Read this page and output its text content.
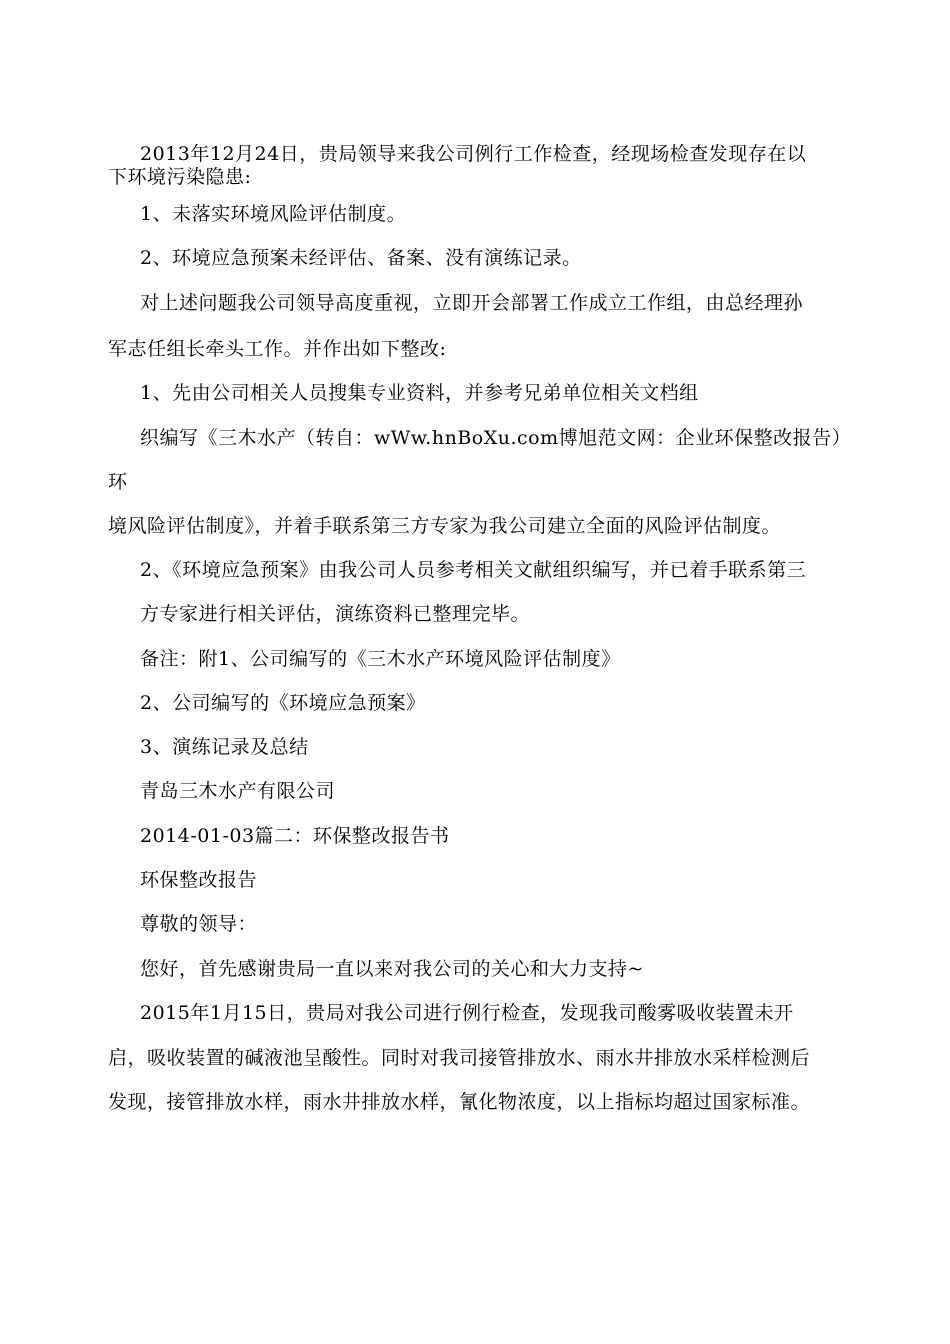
2013年12月24日，贵局领导来我公司例行工作检查，经现场检查发现存在以
下环境污染隐患:
1、未落实环境风险评估制度。
2、环境应急预案未经评估、备案、没有演练记录。
对上述问题我公司领导高度重视，立即开会部署工作成立工作组，由总经理孙
军志任组长牵头工作。并作出如下整改:
1、先由公司相关人员搜集专业资料，并参考兄弟单位相关文档组
织编写《三木水产（转自：wWw.hnBoXu.com博旭范文网：企业环保整改报告）
环
境风险评估制度》，并着手联系第三方专家为我公司建立全面的风险评估制度。
2、《环境应急预案》由我公司人员参考相关文献组织编写，并已着手联系第三
方专家进行相关评估，演练资料已整理完毕。
备注：附1、公司编写的《三木水产环境风险评估制度》
2、公司编写的《环境应急预案》
3、演练记录及总结
青岛三木水产有限公司
2014-01-03篇二：环保整改报告书
环保整改报告
尊敬的领导：
您好，首先感谢贵局一直以来对我公司的关心和大力支持~
2015年1月15日，贵局对我公司进行例行检查，发现我司酸雾吸收装置未开
启，吸收装置的碱液池呈酸性。同时对我司接管排放水、雨水井排放水采样检测后
发现，接管排放水样，雨水井排放水样，氰化物浓度，以上指标均超过国家标准。
